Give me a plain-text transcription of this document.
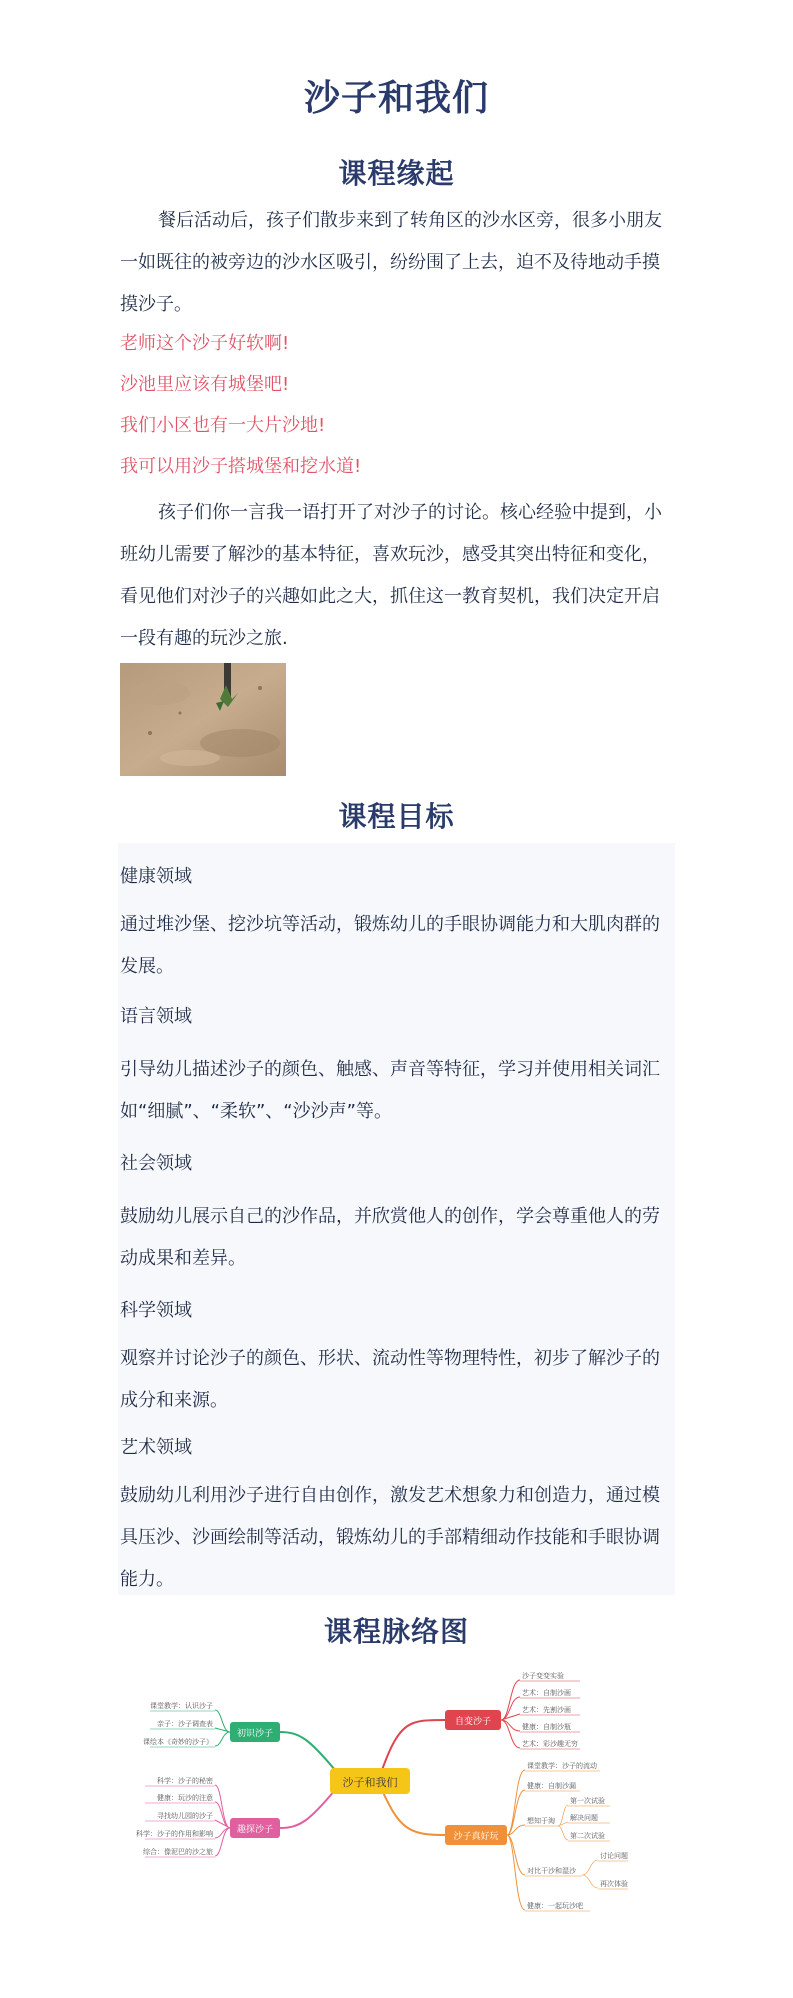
沙子和我们
课程缘起
餐后活动后，孩子们散步来到了转角区的沙水区旁，很多小朋友一如既往的被旁边的沙水区吸引，纷纷围了上去，迫不及待地动手摸摸沙子。
老师这个沙子好软啊!
沙池里应该有城堡吧!
我们小区也有一大片沙地!
我可以用沙子搭城堡和挖水道!
孩子们你一言我一语打开了对沙子的讨论。核心经验中提到，小班幼儿需要了解沙的基本特征，喜欢玩沙，感受其突出特征和变化，看见他们对沙子的兴趣如此之大，抓住这一教育契机，我们决定开启一段有趣的玩沙之旅.
课程目标
健康领域
通过堆沙堡、挖沙坑等活动，锻炼幼儿的手眼协调能力和大肌肉群的发展。
语言领域
引导幼儿描述沙子的颜色、触感、声音等特征，学习并使用相关词汇如“细腻”、“柔软”、“沙沙声”等。
社会领域
鼓励幼儿展示自己的沙作品，并欣赏他人的创作，学会尊重他人的劳动成果和差异。
科学领域
观察并讨论沙子的颜色、形状、流动性等物理特性，初步了解沙子的成分和来源。
艺术领域
鼓励幼儿利用沙子进行自由创作，激发艺术想象力和创造力，通过模具压沙、沙画绘制等活动，锻炼幼儿的手部精细动作技能和手眼协调能力。
课程脉络图
沙子和我们
自变沙子
沙子变变实验
艺术：自制沙画
艺术：先割沙画
健康：自制沙瓶
艺术：彩沙趣无穷
沙子真好玩
课堂教学：沙子的流动
健康：自制沙漏
想知于淘
第一次试验
解决问题
第二次试验
讨论问题
对比干沙和湿沙
再次体验
健康：一起玩沙吧
初识沙子
课堂教学：认识沙子
亲子：沙子调查表
课绘本《奇妙的沙子》
趣探沙子
科学：沙子的秘密
健康：玩沙的注意
寻找幼儿园的沙子
科学：沙子的作用和影响
综合：像泥巴的沙之旅
